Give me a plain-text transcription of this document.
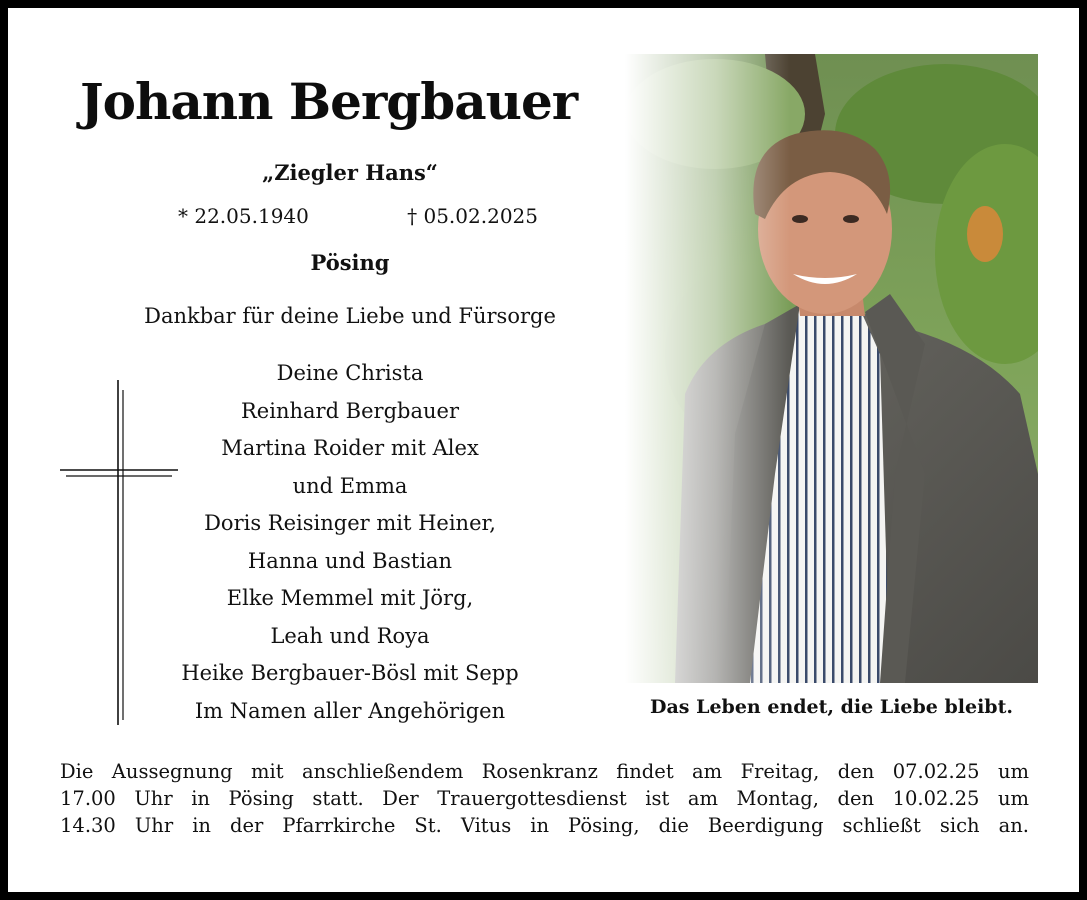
Johann Bergbauer
„Ziegler Hans“
* 22.05.1940	† 05.02.2025
Pösing
Dankbar für deine Liebe und Fürsorge
Deine Christa
Reinhard Bergbauer
Martina Roider mit Alex
und Emma
Doris Reisinger mit Heiner,
Hanna und Bastian
Elke Memmel mit Jörg,
Leah und Roya
Heike Bergbauer-Bösl mit Sepp
Im Namen aller Angehörigen	Das Leben endet, die Liebe bleibt.
Die Aussegnung mit anschließendem Rosenkranz findet am Freitag, den 07.02.25 um
17.00 Uhr in Pösing statt. Der Trauergottesdienst ist am Montag, den 10.02.25 um
14.30 Uhr in der Pfarrkirche St. Vitus in Pösing, die Beerdigung schließt sich an.
